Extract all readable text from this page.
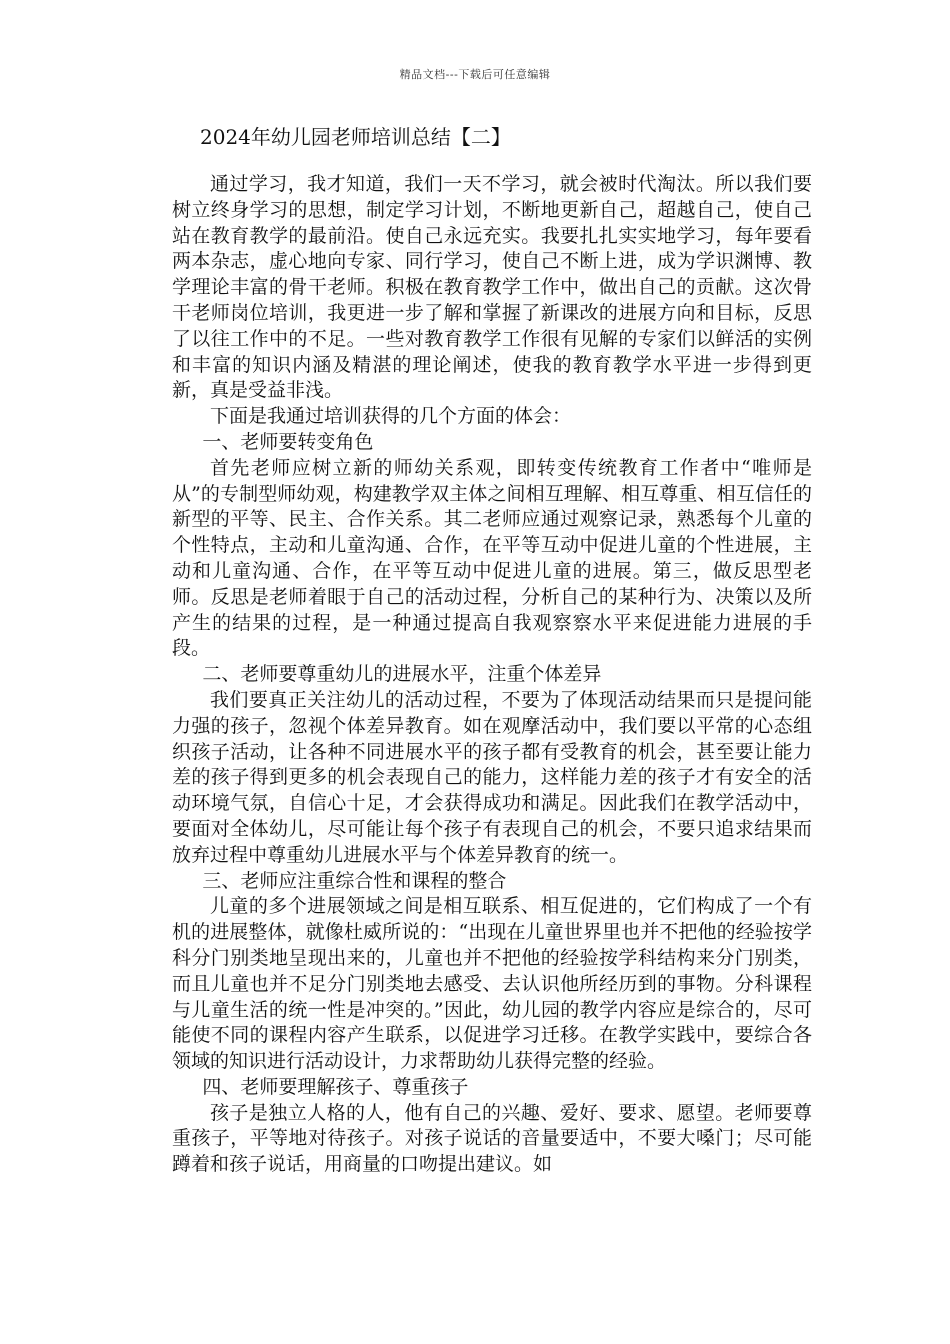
精品文档---下载后可任意编辑
2024年幼儿园老师培训总结【二】

通过学习，我才知道，我们一天不学习，就会被时代淘汰。所以我们要树立终身学习的思想，制定学习计划，不断地更新自己，超越自己，使自己站在教育教学的最前沿。使自己永远充实。我要扎扎实实地学习，每年要看两本杂志，虚心地向专家、同行学习，使自己不断上进，成为学识渊博、教学理论丰富的骨干老师。积极在教育教学工作中，做出自己的贡献。这次骨干老师岗位培训，我更进一步了解和掌握了新课改的进展方向和目标，反思了以往工作中的不足。一些对教育教学工作很有见解的专家们以鲜活的实例和丰富的知识内涵及精湛的理论阐述，使我的教育教学水平进一步得到更新，真是受益非浅。

下面是我通过培训获得的几个方面的体会：

一、老师要转变角色

首先老师应树立新的师幼关系观，即转变传统教育工作者中“唯师是从”的专制型师幼观，构建教学双主体之间相互理解、相互尊重、相互信任的新型的平等、民主、合作关系。其二老师应通过观察记录，熟悉每个儿童的个性特点，主动和儿童沟通、合作，在平等互动中促进儿童的个性进展，主动和儿童沟通、合作，在平等互动中促进儿童的进展。第三，做反思型老师。反思是老师着眼于自己的活动过程，分析自己的某种行为、决策以及所产生的结果的过程，是一种通过提高自我观察察水平来促进能力进展的手段。

二、老师要尊重幼儿的进展水平，注重个体差异

我们要真正关注幼儿的活动过程，不要为了体现活动结果而只是提问能力强的孩子，忽视个体差异教育。如在观摩活动中，我们要以平常的心态组织孩子活动，让各种不同进展水平的孩子都有受教育的机会，甚至要让能力差的孩子得到更多的机会表现自己的能力，这样能力差的孩子才有安全的活动环境气氛，自信心十足，才会获得成功和满足。因此我们在教学活动中，要面对全体幼儿，尽可能让每个孩子有表现自己的机会，不要只追求结果而放弃过程中尊重幼儿进展水平与个体差异教育的统一。

三、老师应注重综合性和课程的整合

儿童的多个进展领域之间是相互联系、相互促进的，它们构成了一个有机的进展整体，就像杜威所说的：“出现在儿童世界里也并不把他的经验按学科分门别类地呈现出来的，儿童也并不把他的经验按学科结构来分门别类，而且儿童也并不足分门别类地去感受、去认识他所经历到的事物。分科课程与儿童生活的统一性是冲突的。”因此，幼儿园的教学内容应是综合的，尽可能使不同的课程内容产生联系，以促进学习迁移。在教学实践中，要综合各领域的知识进行活动设计，力求帮助幼儿获得完整的经验。

四、老师要理解孩子、尊重孩子

孩子是独立人格的人，他有自己的兴趣、爱好、要求、愿望。老师要尊重孩子，平等地对待孩子。对孩子说话的音量要适中，不要大嗓门；尽可能蹲着和孩子说话，用商量的口吻提出建议。如
